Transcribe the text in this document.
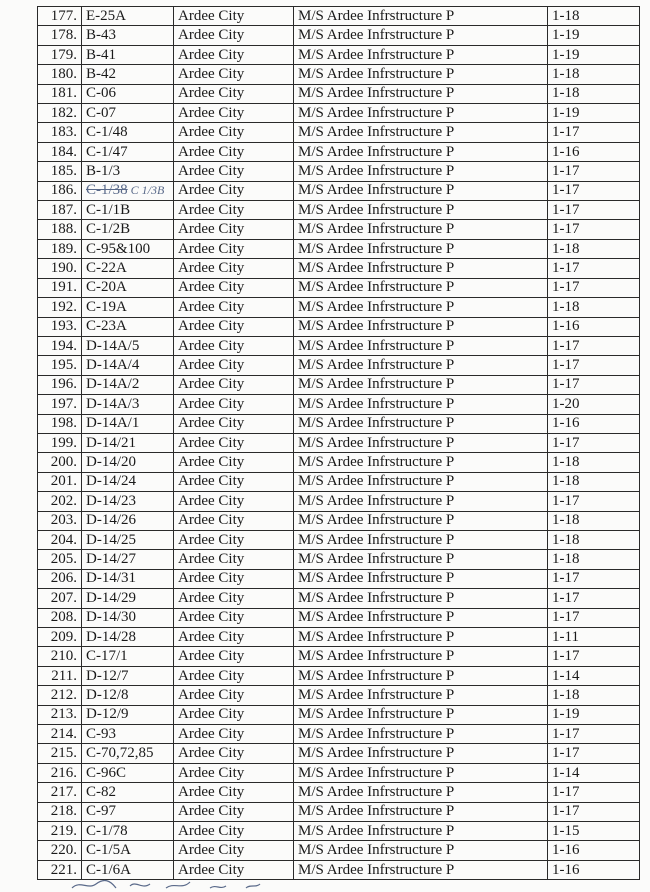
177.	E-25A	Ardee City	M/S Ardee Infrstructure P	1-18
178.	B-43	Ardee City	M/S Ardee Infrstructure P	1-19
179.	B-41	Ardee City	M/S Ardee Infrstructure P	1-19
180.	B-42	Ardee City	M/S Ardee Infrstructure P	1-18
181.	C-06	Ardee City	M/S Ardee Infrstructure P	1-18
182.	C-07	Ardee City	M/S Ardee Infrstructure P	1-19
183.	C-1/48	Ardee City	M/S Ardee Infrstructure P	1-17
184.	C-1/47	Ardee City	M/S Ardee Infrstructure P	1-16
185.	B-1/3	Ardee City	M/S Ardee Infrstructure P	1-17
186.	C-1/38 C 1/3B	Ardee City	M/S Ardee Infrstructure P	1-17
187.	C-1/1B	Ardee City	M/S Ardee Infrstructure P	1-17
188.	C-1/2B	Ardee City	M/S Ardee Infrstructure P	1-17
189.	C-95&100	Ardee City	M/S Ardee Infrstructure P	1-18
190.	C-22A	Ardee City	M/S Ardee Infrstructure P	1-17
191.	C-20A	Ardee City	M/S Ardee Infrstructure P	1-17
192.	C-19A	Ardee City	M/S Ardee Infrstructure P	1-18
193.	C-23A	Ardee City	M/S Ardee Infrstructure P	1-16
194.	D-14A/5	Ardee City	M/S Ardee Infrstructure P	1-17
195.	D-14A/4	Ardee City	M/S Ardee Infrstructure P	1-17
196.	D-14A/2	Ardee City	M/S Ardee Infrstructure P	1-17
197.	D-14A/3	Ardee City	M/S Ardee Infrstructure P	1-20
198.	D-14A/1	Ardee City	M/S Ardee Infrstructure P	1-16
199.	D-14/21	Ardee City	M/S Ardee Infrstructure P	1-17
200.	D-14/20	Ardee City	M/S Ardee Infrstructure P	1-18
201.	D-14/24	Ardee City	M/S Ardee Infrstructure P	1-18
202.	D-14/23	Ardee City	M/S Ardee Infrstructure P	1-17
203.	D-14/26	Ardee City	M/S Ardee Infrstructure P	1-18
204.	D-14/25	Ardee City	M/S Ardee Infrstructure P	1-18
205.	D-14/27	Ardee City	M/S Ardee Infrstructure P	1-18
206.	D-14/31	Ardee City	M/S Ardee Infrstructure P	1-17
207.	D-14/29	Ardee City	M/S Ardee Infrstructure P	1-17
208.	D-14/30	Ardee City	M/S Ardee Infrstructure P	1-17
209.	D-14/28	Ardee City	M/S Ardee Infrstructure P	1-11
210.	C-17/1	Ardee City	M/S Ardee Infrstructure P	1-17
211.	D-12/7	Ardee City	M/S Ardee Infrstructure P	1-14
212.	D-12/8	Ardee City	M/S Ardee Infrstructure P	1-18
213.	D-12/9	Ardee City	M/S Ardee Infrstructure P	1-19
214.	C-93	Ardee City	M/S Ardee Infrstructure P	1-17
215.	C-70,72,85	Ardee City	M/S Ardee Infrstructure P	1-17
216.	C-96C	Ardee City	M/S Ardee Infrstructure P	1-14
217.	C-82	Ardee City	M/S Ardee Infrstructure P	1-17
218.	C-97	Ardee City	M/S Ardee Infrstructure P	1-17
219.	C-1/78	Ardee City	M/S Ardee Infrstructure P	1-15
220.	C-1/5A	Ardee City	M/S Ardee Infrstructure P	1-16
221.	C-1/6A	Ardee City	M/S Ardee Infrstructure P	1-16
